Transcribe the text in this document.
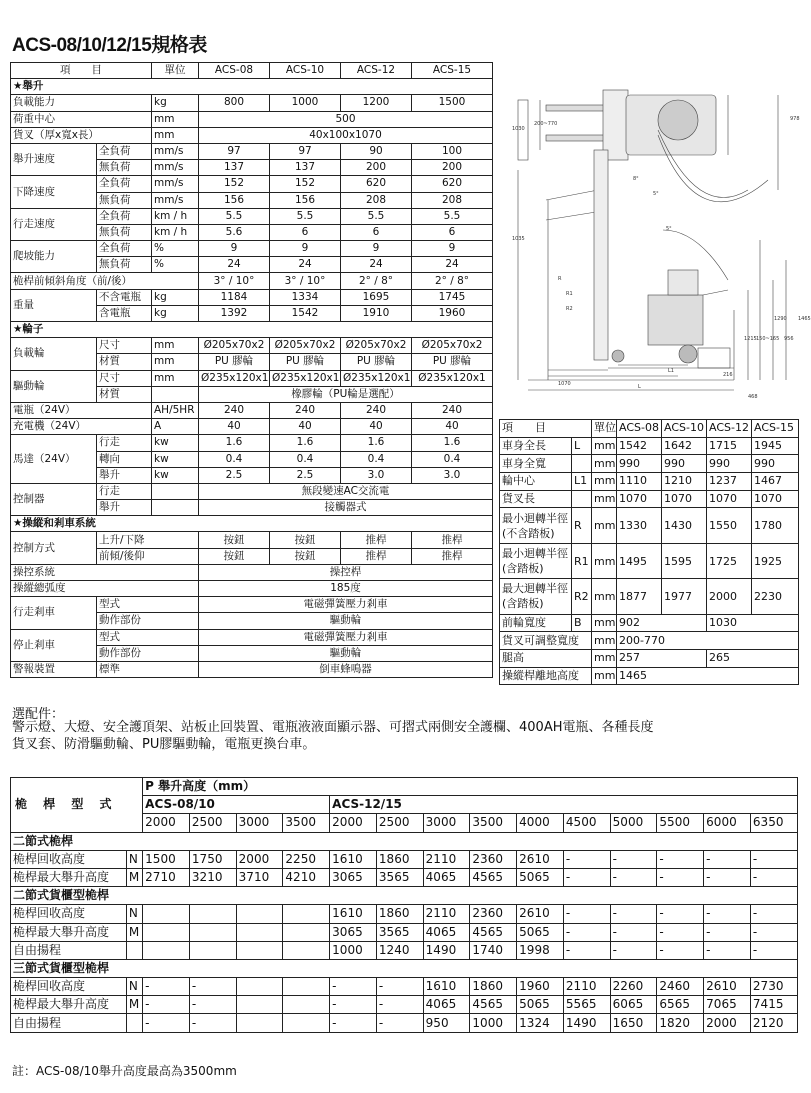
ACS-08/10/12/15規格表
項　　目		單位	ACS-08	ACS-10	ACS-12	ACS-15
★舉升						
負載能力		kg	800	1000	1200	1500
荷重中心		mm	500			
貨叉（厚x寬x長）		mm	40x100x1070			
舉升速度	全負荷	mm/s	97	97	90	100
	無負荷	mm/s	137	137	200	200
下降速度	全負荷	mm/s	152	152	620	620
	無負荷	mm/s	156	156	208	208
行走速度	全負荷	km / h	5.5	5.5	5.5	5.5
	無負荷	km / h	5.6	6	6	6
爬坡能力	全負荷	%	9	9	9	9
	無負荷	%	24	24	24	24
桅桿前傾斜角度（前/後）			3° / 10°	3° / 10°	2° / 8°	2° / 8°
重量	不含電瓶	kg	1184	1334	1695	1745
	含電瓶	kg	1392	1542	1910	1960
★輪子						
負載輪	尺寸	mm	Ø205x70x2	Ø205x70x2	Ø205x70x2	Ø205x70x2
	材質	mm	PU 膠輪	PU 膠輪	PU 膠輪	PU 膠輪
驅動輪	尺寸	mm	Ø235x120x1	Ø235x120x1	Ø235x120x1	Ø235x120x1
	材質		橡膠輪（PU輪是選配）			
電瓶（24V）		AH/5HR	240	240	240	240
充電機（24V）		A	40	40	40	40
馬達（24V）	行走	kw	1.6	1.6	1.6	1.6
	轉向	kw	0.4	0.4	0.4	0.4
	舉升	kw	2.5	2.5	3.0	3.0
控制器	行走		無段變速AC交流電			
	舉升		接觸器式			
★操縱和剎車系統						
控制方式	上升/下降		按鈕	按鈕	推桿	推桿
	前傾/後仰		按鈕	按鈕	推桿	推桿
操控系統			操控桿			
操縱總弧度			185度			
行走剎車	型式		電磁彈簧壓力剎車			
	動作部份		驅動輪			
停止剎車	型式		電磁彈簧壓力剎車			
	動作部份		驅動輪			
警報裝置	標準		倒車蜂鳴器			
1030
200~770
978
1035
1070
468
216
L1
L
R
R1
R2
150~165
1465
1290
956
1215
5°
8°
5°
項　　目		單位	ACS-08	ACS-10	ACS-12	ACS-15
車身全長	L	mm	1542	1642	1715	1945
車身全寬		mm	990	990	990	990
輪中心	L1	mm	1110	1210	1237	1467
貨叉長		mm	1070	1070	1070	1070
最小迴轉半徑
(不含踏板)	R	mm	1330	1430	1550	1780
最小迴轉半徑
(含踏板)	R1	mm	1495	1595	1725	1925
最大迴轉半徑
(含踏板)	R2	mm	1877	1977	2000	2230
前輪寬度	B	mm	902		1030	
貨叉可調整寬度		mm	200-770			
腿高		mm	257		265	
操縱桿離地高度		mm	1465			
選配件：
警示燈、大燈、安全護頂架、站板止回裝置、電瓶液液面顯示器、可摺式兩側安全護欄、400AH電瓶、各種長度
貨叉套、防滑驅動輪、PU膠驅動輪，電瓶更換台車。
桅 桿 型 式		P 舉升高度（mm）													
		ACS-08/10				ACS-12/15									
		2000	2500	3000	3500	2000	2500	3000	3500	4000	4500	5000	5500	6000	6350
二節式桅桿															
桅桿回收高度	N	1500	1750	2000	2250	1610	1860	2110	2360	2610	-	-	-	-	-
桅桿最大舉升高度	M	2710	3210	3710	4210	3065	3565	4065	4565	5065	-	-	-	-	-
二節式貨櫃型桅桿															
桅桿回收高度	N					1610	1860	2110	2360	2610	-	-	-	-	-
桅桿最大舉升高度	M					3065	3565	4065	4565	5065	-	-	-	-	-
自由揚程						1000	1240	1490	1740	1998	-	-	-	-	-
三節式貨櫃型桅桿															
桅桿回收高度	N	-	-			-	-	1610	1860	1960	2110	2260	2460	2610	2730
桅桿最大舉升高度	M	-	-			-	-	4065	4565	5065	5565	6065	6565	7065	7415
自由揚程		-	-			-	-	950	1000	1324	1490	1650	1820	2000	2120
註：ACS-08/10舉升高度最高為3500mm
